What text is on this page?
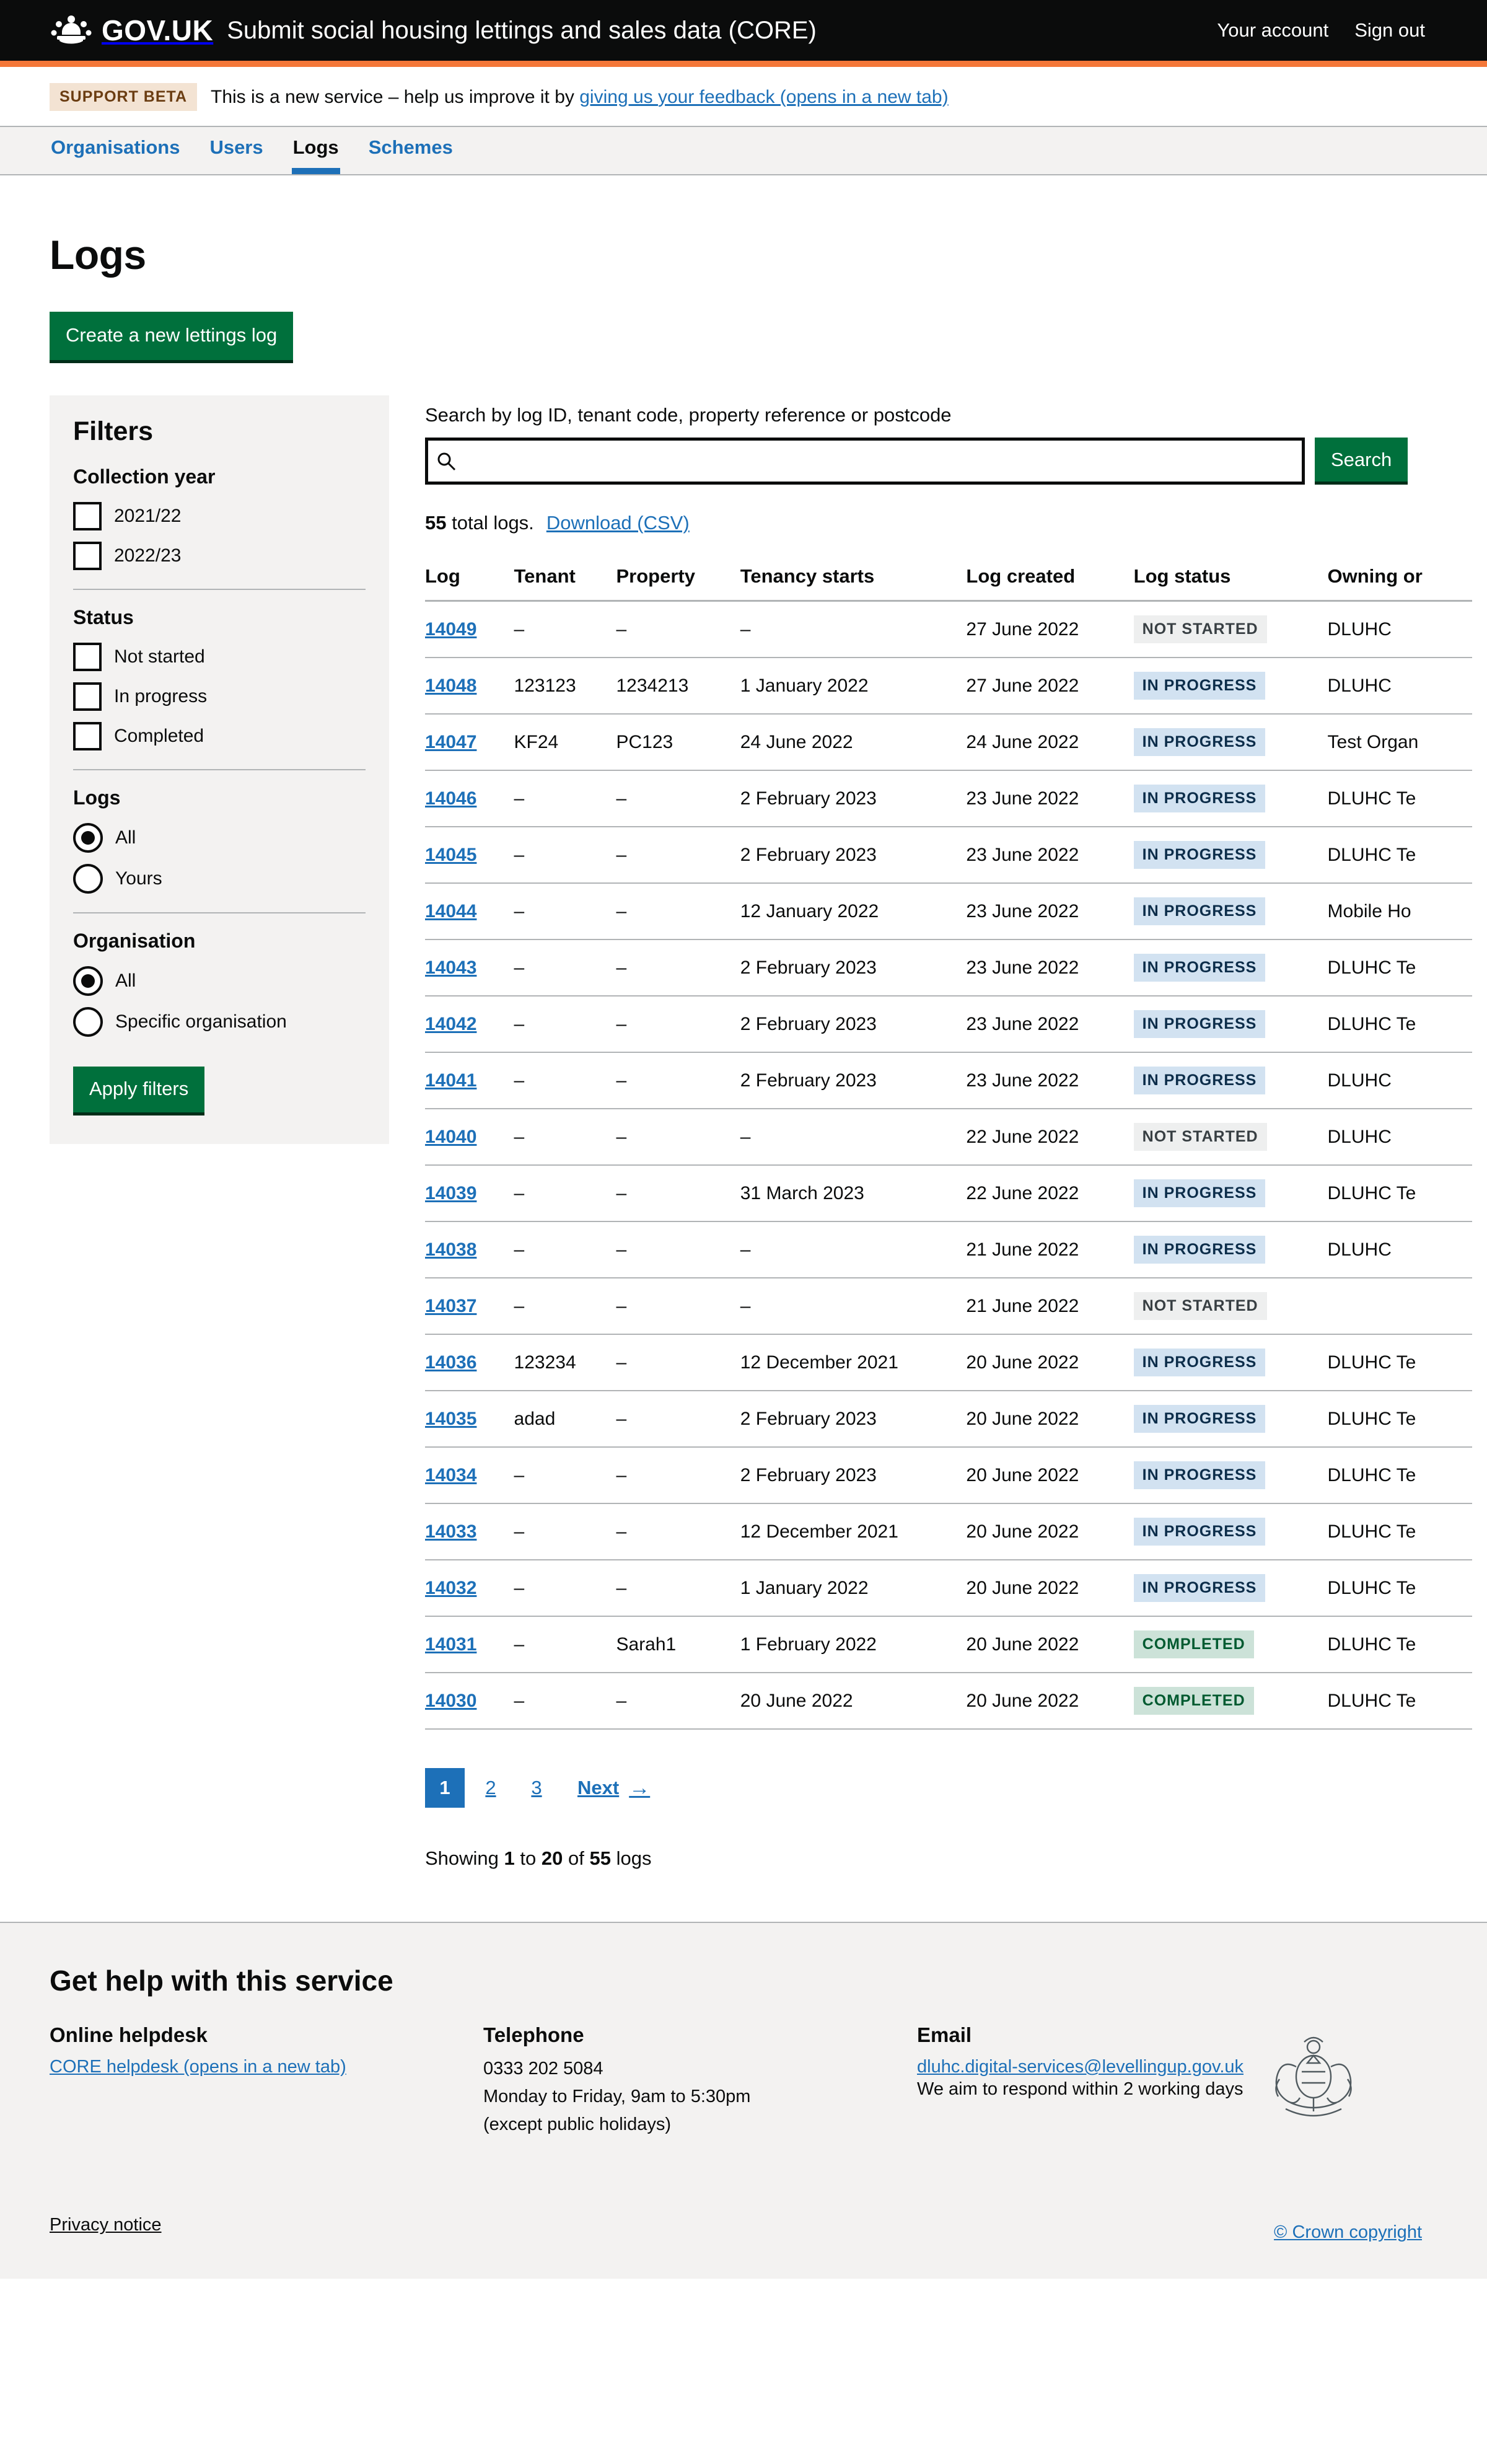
GOV.UK Submit social housing lettings and sales data (CORE)	Your account Sign out
SUPPORT BETA	This is a new service – help us improve it by giving us your feedback (opens in a new tab)
Organisations Users Logs Schemes
Logs
Create a new lettings log
Filters
Collection year
2021/22
2022/23
Status
Not started
In progress
Completed
Logs
All
Yours
Organisation
All
Specific organisation
Apply filters
Search by log ID, tenant code, property reference or postcode
Search
55 total logs. Download (CSV)
Log	Tenant	Property	Tenancy starts	Log created	Log status	Owning or
14049	–	–	–	27 June 2022	NOT STARTED	DLUHC
14048	123123	1234213	1 January 2022	27 June 2022	IN PROGRESS	DLUHC
14047	KF24	PC123	24 June 2022	24 June 2022	IN PROGRESS	Test Organ
14046	–	–	2 February 2023	23 June 2022	IN PROGRESS	DLUHC Te
14045	–	–	2 February 2023	23 June 2022	IN PROGRESS	DLUHC Te
14044	–	–	12 January 2022	23 June 2022	IN PROGRESS	Mobile Ho
14043	–	–	2 February 2023	23 June 2022	IN PROGRESS	DLUHC Te
14042	–	–	2 February 2023	23 June 2022	IN PROGRESS	DLUHC Te
14041	–	–	2 February 2023	23 June 2022	IN PROGRESS	DLUHC
14040	–	–	–	22 June 2022	NOT STARTED	DLUHC
14039	–	–	31 March 2023	22 June 2022	IN PROGRESS	DLUHC Te
14038	–	–	–	21 June 2022	IN PROGRESS	DLUHC
14037	–	–	–	21 June 2022	NOT STARTED	
14036	123234	–	12 December 2021	20 June 2022	IN PROGRESS	DLUHC Te
14035	adad	–	2 February 2023	20 June 2022	IN PROGRESS	DLUHC Te
14034	–	–	2 February 2023	20 June 2022	IN PROGRESS	DLUHC Te
14033	–	–	12 December 2021	20 June 2022	IN PROGRESS	DLUHC Te
14032	–	–	1 January 2022	20 June 2022	IN PROGRESS	DLUHC Te
14031	–	Sarah1	1 February 2022	20 June 2022	COMPLETED	DLUHC Te
14030	–	–	20 June 2022	20 June 2022	COMPLETED	DLUHC Te
1	2	3	Next →
Showing 1 to 20 of 55 logs
Get help with this service
Online helpdesk
CORE helpdesk (opens in a new tab)
Telephone

0333 202 5084

Monday to Friday, 9am to 5:30pm

(except public holidays)

Email
dluhc.digital-services@levellingup.gov.uk

We aim to respond within 2 working days

Privacy notice	© Crown copyright
